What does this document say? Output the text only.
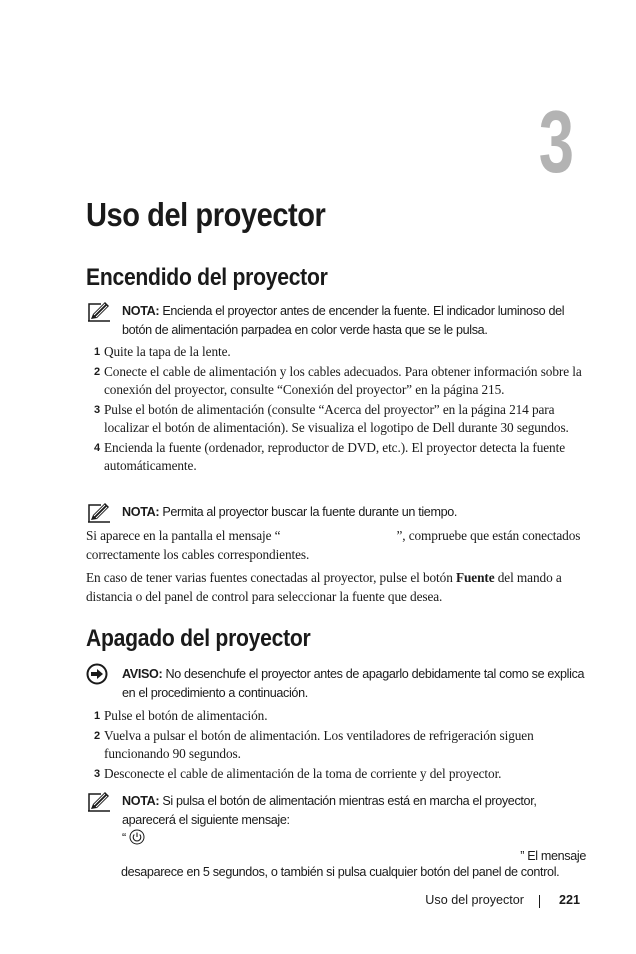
3
Uso del proyector
Encendido del proyector
NOTA: Encienda el proyector antes de encender la fuente. El indicador luminoso del botón de alimentación parpadea en color verde hasta que se le pulsa.
1 Quite la tapa de la lente.
2 Conecte el cable de alimentación y los cables adecuados. Para obtener información sobre la conexión del proyector, consulte “Conexión del proyector” en la página 215.
3 Pulse el botón de alimentación (consulte “Acerca del proyector” en la página 214 para localizar el botón de alimentación). Se visualiza el logotipo de Dell durante 30 segundos.
4 Encienda la fuente (ordenador, reproductor de DVD, etc.). El proyector detecta la fuente automáticamente.
NOTA: Permita al proyector buscar la fuente durante un tiempo.

Si aparece en la pantalla el mensaje “	”, compruebe que están conectados correctamente los cables correspondientes.

En caso de tener varias fuentes conectadas al proyector, pulse el botón Fuente del mando a distancia o del panel de control para seleccionar la fuente que desea.

Apagado del proyector
AVISO: No desenchufe el proyector antes de apagarlo debidamente tal como se explica en el procedimiento a continuación.
1 Pulse el botón de alimentación.
2 Vuelva a pulsar el botón de alimentación. Los ventiladores de refrigeración siguen funcionando 90 segundos.
3 Desconecte el cable de alimentación de la toma de corriente y del proyector.
NOTA: Si pulsa el botón de alimentación mientras está en marcha el proyector, aparecerá el siguiente mensaje:
“
” El mensaje
desaparece en 5 segundos, o también si pulsa cualquier botón del panel de control.
Uso del proyector	221
